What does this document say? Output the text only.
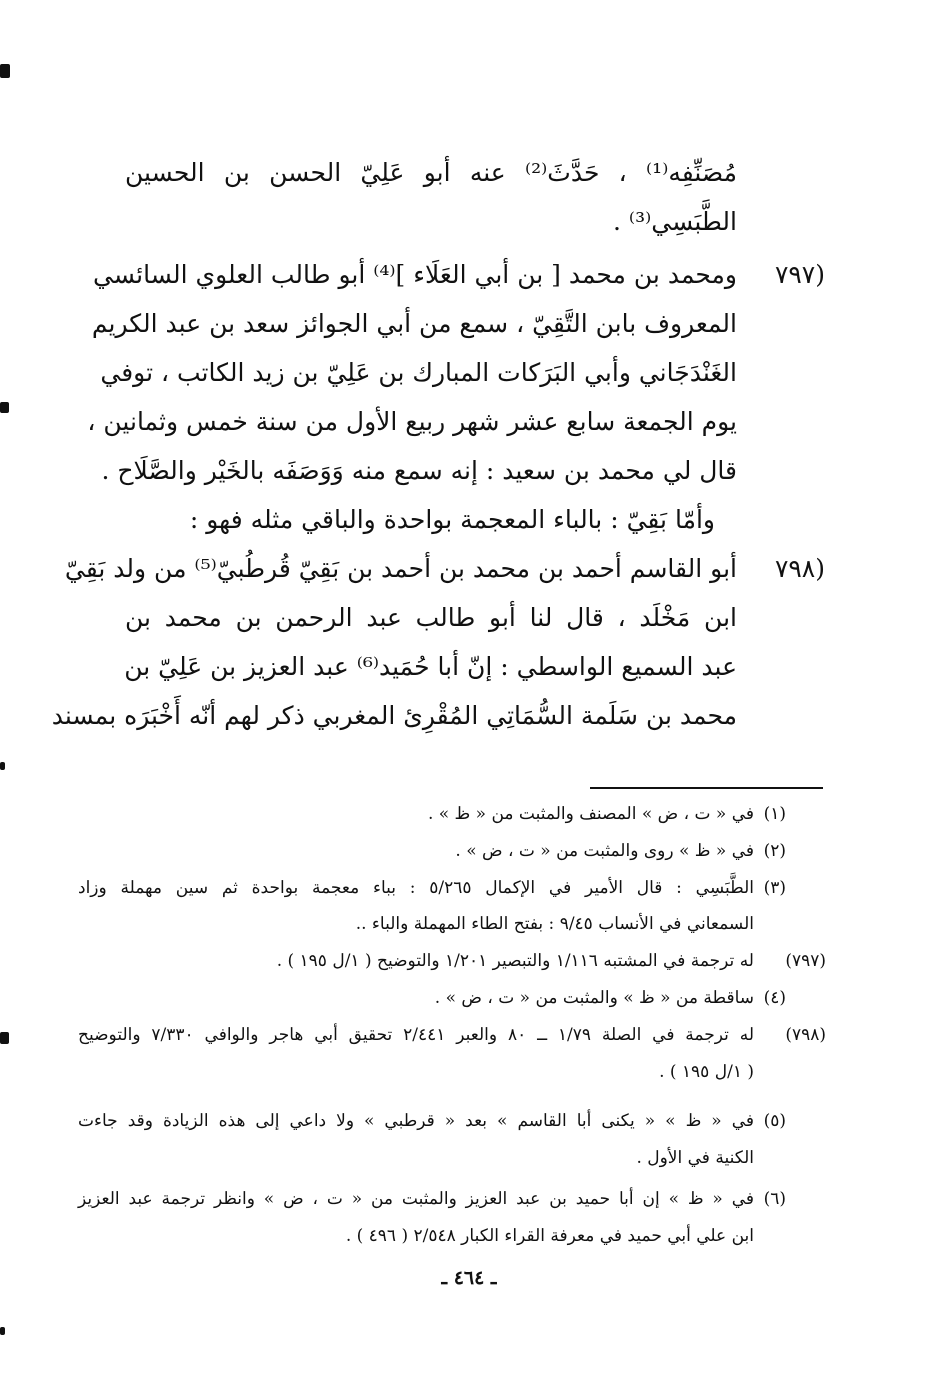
مُصَنِّفِه⁽¹⁾ ، حَدَّثَ⁽²⁾ عنه أبو عَلِيّ الحسن بن الحسين
الطَّبَسِي⁽³⁾ .
(٧٩٧
ومحمد بن محمد [ بن أبي العَلَاء ]⁽⁴⁾ أبو طالب العلوي السائسي
المعروف بابن التَّقِيّ ، سمع من أبي الجوائز سعد بن عبد الكريم
الغَنْدَجَاني وأبي البَرَكات المبارك بن عَلِيّ بن زيد الكاتب ، توفي
يوم الجمعة سابع عشر شهر ربيع الأول من سنة خمس وثمانين ،
قال لي محمد بن سعيد : إنه سمع منه وَوَصَفَه بالخَيْر والصَّلَاح .
وأمّا بَقِيّ : بالباء المعجمة بواحدة والباقي مثله فهو :
(٧٩٨
أبو القاسم أحمد بن محمد بن أحمد بن بَقِيّ قُرطُبيّ⁽⁵⁾ من ولد بَقِيّ
ابن مَخْلَد ، قال لنا أبو طالب عبد الرحمن بن محمد بن
عبد السميع الواسطي : إنّ أبا حُمَيد⁽⁶⁾ عبد العزيز بن عَلِيّ بن
محمد بن سَلَمة السُّمَاتِي المُقْرِئ المغربي ذكر لهم أنّه أَخْبَرَه بمسند
(١)
في « ت ، ض » المصنف والمثبت من « ظ » .
(٢)
في « ظ » روى والمثبت من « ت ، ض » .
(٣)
الطَّبَسِي : قال الأمير في الإكمال ٥/٢٦٥ : بباء معجمة بواحدة ثم سين مهملة وزاد
السمعاني في الأنساب ٩/٤٥ : بفتح الطاء المهملة والباء ..
(٧٩٧)
له ترجمة في المشتبه ١/١١٦ والتبصير ١/٢٠١ والتوضيح ( ١/ل ١٩٥ ) .
(٤)
ساقطة من « ظ » والمثبت من « ت ، ض » .
(٧٩٨)
له ترجمة في الصلة ١/٧٩ ــ ٨٠ والعبر ٢/٤٤١ تحقيق أبي هاجر والوافي ٧/٣٣٠ والتوضيح
( ١/ل ١٩٥ ) .
(٥)
في « ظ » « يكنى أبا القاسم » بعد « قرطبي » ولا داعي إلى هذه الزيادة وقد جاءت
الكنية في الأول .
(٦)
في « ظ » إن أبا حميد بن عبد العزيز والمثبت من « ت ، ض » وانظر ترجمة عبد العزيز
ابن علي أبي حميد في معرفة القراء الكبار ٢/٥٤٨ ( ٤٩٦ ) .
ـ ٤٦٤ ـ
